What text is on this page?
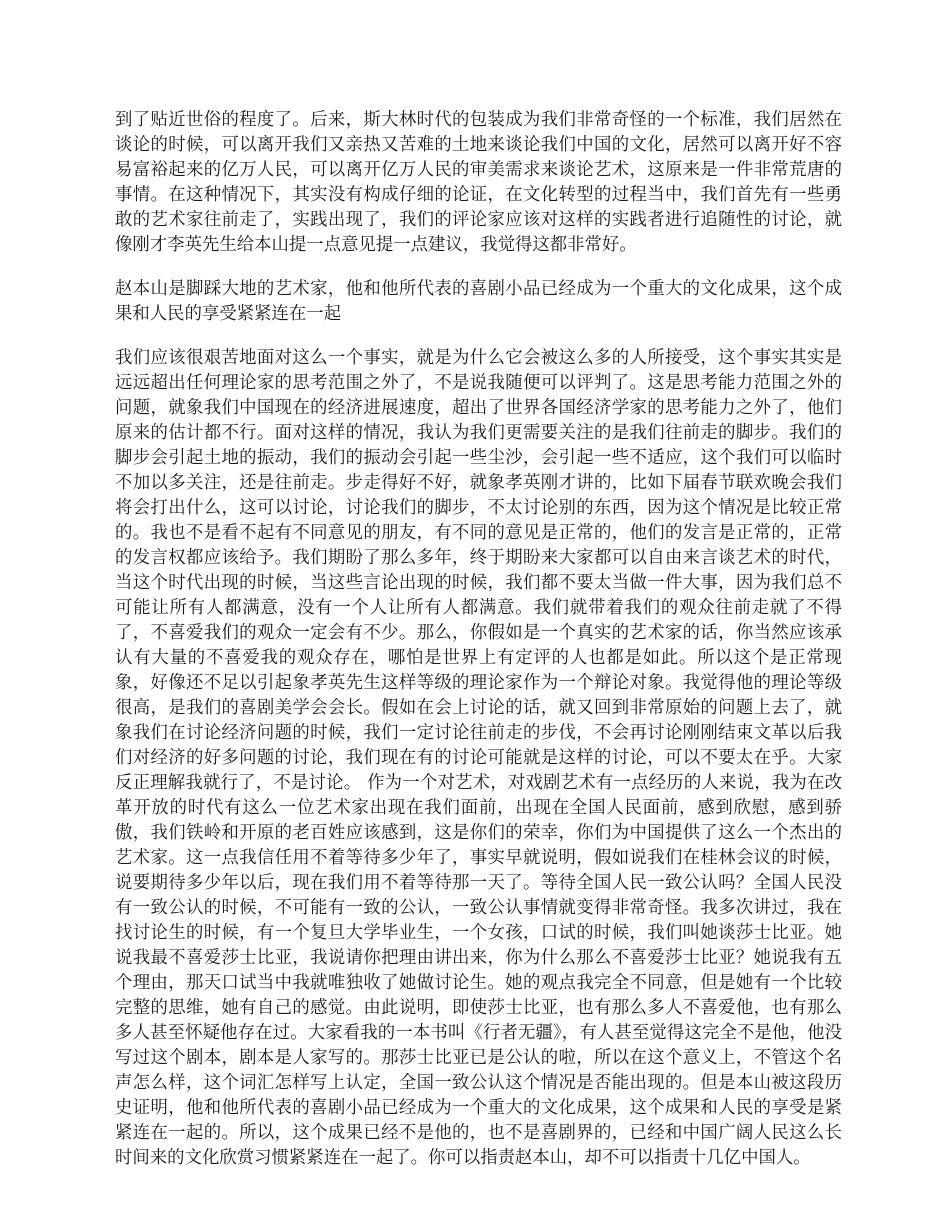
到了贴近世俗的程度了。后来，斯大林时代的包装成为我们非常奇怪的一个标准，我们居然在谈论的时候，可以离开我们又亲热又苦难的土地来谈论我们中国的文化，居然可以离开好不容易富裕起来的亿万人民，可以离开亿万人民的审美需求来谈论艺术，这原来是一件非常荒唐的事情。在这种情况下，其实没有构成仔细的论证，在文化转型的过程当中，我们首先有一些勇敢的艺术家往前走了，实践出现了，我们的评论家应该对这样的实践者进行追随性的讨论，就像刚才李英先生给本山提一点意见提一点建议，我觉得这都非常好。

赵本山是脚踩大地的艺术家，他和他所代表的喜剧小品已经成为一个重大的文化成果，这个成果和人民的享受紧紧连在一起

我们应该很艰苦地面对这么一个事实，就是为什么它会被这么多的人所接受，这个事实其实是远远超出任何理论家的思考范围之外了，不是说我随便可以评判了。这是思考能力范围之外的问题，就象我们中国现在的经济进展速度，超出了世界各国经济学家的思考能力之外了，他们原来的估计都不行。面对这样的情况，我认为我们更需要关注的是我们往前走的脚步。我们的脚步会引起土地的振动，我们的振动会引起一些尘沙，会引起一些不适应，这个我们可以临时不加以多关注，还是往前走。步走得好不好，就象孝英刚才讲的，比如下届春节联欢晚会我们将会打出什么，这可以讨论，讨论我们的脚步，不太讨论别的东西，因为这个情况是比较正常的。我也不是看不起有不同意见的朋友，有不同的意见是正常的，他们的发言是正常的，正常的发言权都应该给予。我们期盼了那么多年，终于期盼来大家都可以自由来言谈艺术的时代，当这个时代出现的时候，当这些言论出现的时候，我们都不要太当做一件大事，因为我们总不可能让所有人都满意，没有一个人让所有人都满意。我们就带着我们的观众往前走就了不得了，不喜爱我们的观众一定会有不少。那么，你假如是一个真实的艺术家的话，你当然应该承认有大量的不喜爱我的观众存在，哪怕是世界上有定评的人也都是如此。所以这个是正常现象，好像还不足以引起象孝英先生这样等级的理论家作为一个辩论对象。我觉得他的理论等级很高，是我们的喜剧美学会会长。假如在会上讨论的话，就又回到非常原始的问题上去了，就象我们在讨论经济问题的时候，我们一定讨论往前走的步伐，不会再讨论刚刚结束文革以后我们对经济的好多问题的讨论，我们现在有的讨论可能就是这样的讨论，可以不要太在乎。大家反正理解我就行了，不是讨论。 作为一个对艺术，对戏剧艺术有一点经历的人来说，我为在改革开放的时代有这么一位艺术家出现在我们面前，出现在全国人民面前，感到欣慰，感到骄傲，我们铁岭和开原的老百姓应该感到，这是你们的荣幸，你们为中国提供了这么一个杰出的艺术家。这一点我信任用不着等待多少年了，事实早就说明，假如说我们在桂林会议的时候，说要期待多少年以后，现在我们用不着等待那一天了。等待全国人民一致公认吗？全国人民没有一致公认的时候，不可能有一致的公认，一致公认事情就变得非常奇怪。我多次讲过，我在找讨论生的时候，有一个复旦大学毕业生，一个女孩，口试的时候，我们叫她谈莎士比亚。她说我最不喜爱莎士比亚，我说请你把理由讲出来，你为什么那么不喜爱莎士比亚？她说我有五个理由，那天口试当中我就唯独收了她做讨论生。她的观点我完全不同意，但是她有一个比较完整的思维，她有自己的感觉。由此说明，即使莎士比亚，也有那么多人不喜爱他，也有那么多人甚至怀疑他存在过。大家看我的一本书叫《行者无疆》，有人甚至觉得这完全不是他，他没写过这个剧本，剧本是人家写的。那莎士比亚已是公认的啦，所以在这个意义上，不管这个名声怎么样，这个词汇怎样写上认定，全国一致公认这个情况是否能出现的。但是本山被这段历史证明，他和他所代表的喜剧小品已经成为一个重大的文化成果，这个成果和人民的享受是紧紧连在一起的。所以，这个成果已经不是他的，也不是喜剧界的，已经和中国广阔人民这么长时间来的文化欣赏习惯紧紧连在一起了。你可以指责赵本山，却不可以指责十几亿中国人。
